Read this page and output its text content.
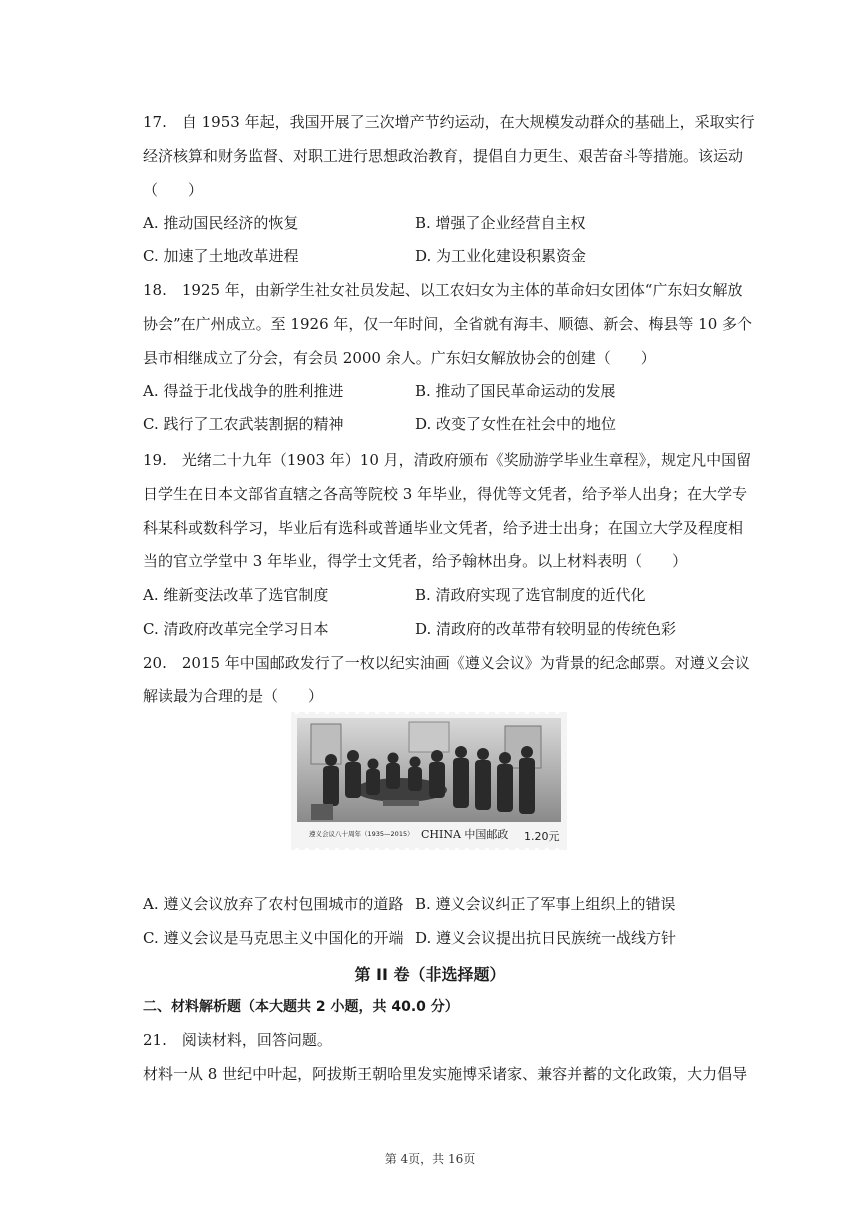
17.　自 1953 年起，我国开展了三次增产节约运动，在大规模发动群众的基础上，采取实行
经济核算和财务监督、对职工进行思想政治教育，提倡自力更生、艰苦奋斗等措施。该运动
（　　）
A. 推动国民经济的恢复	B. 增强了企业经营自主权
C. 加速了土地改革进程	D. 为工业化建设积累资金
18.　1925 年，由新学生社女社员发起、以工农妇女为主体的革命妇女团体“广东妇女解放
协会”在广州成立。至 1926 年，仅一年时间，全省就有海丰、顺德、新会、梅县等 10 多个
县市相继成立了分会，有会员 2000 余人。广东妇女解放协会的创建（　　）
A. 得益于北伐战争的胜利推进	B. 推动了国民革命运动的发展
C. 践行了工农武装割据的精神	D. 改变了女性在社会中的地位
19.　光绪二十九年（1903 年）10 月，清政府颁布《奖励游学毕业生章程》，规定凡中国留
日学生在日本文部省直辖之各高等院校 3 年毕业，得优等文凭者，给予举人出身；在大学专
科某科或数科学习，毕业后有选科或普通毕业文凭者，给予进士出身；在国立大学及程度相
当的官立学堂中 3 年毕业，得学士文凭者，给予翰林出身。以上材料表明（　　）
A. 维新变法改革了选官制度	B. 清政府实现了选官制度的近代化
C. 清政府改革完全学习日本	D. 清政府的改革带有较明显的传统色彩
20.　2015 年中国邮政发行了一枚以纪实油画《遵义会议》为背景的纪念邮票。对遵义会议
解读最为合理的是（　　）
遵义会议八十周年（1935—2015） CHINA 中国邮政 1.20元
A. 遵义会议放弃了农村包围城市的道路 B. 遵义会议纠正了军事上组织上的错误
C. 遵义会议是马克思主义中国化的开端 D. 遵义会议提出抗日民族统一战线方针
第 II 卷（非选择题）
二、材料解析题（本大题共 2 小题，共 40.0 分）
21.　阅读材料，回答问题。
材料一从 8 世纪中叶起，阿拔斯王朝哈里发实施博采诸家、兼容并蓄的文化政策，大力倡导
第 4页，共 16页
